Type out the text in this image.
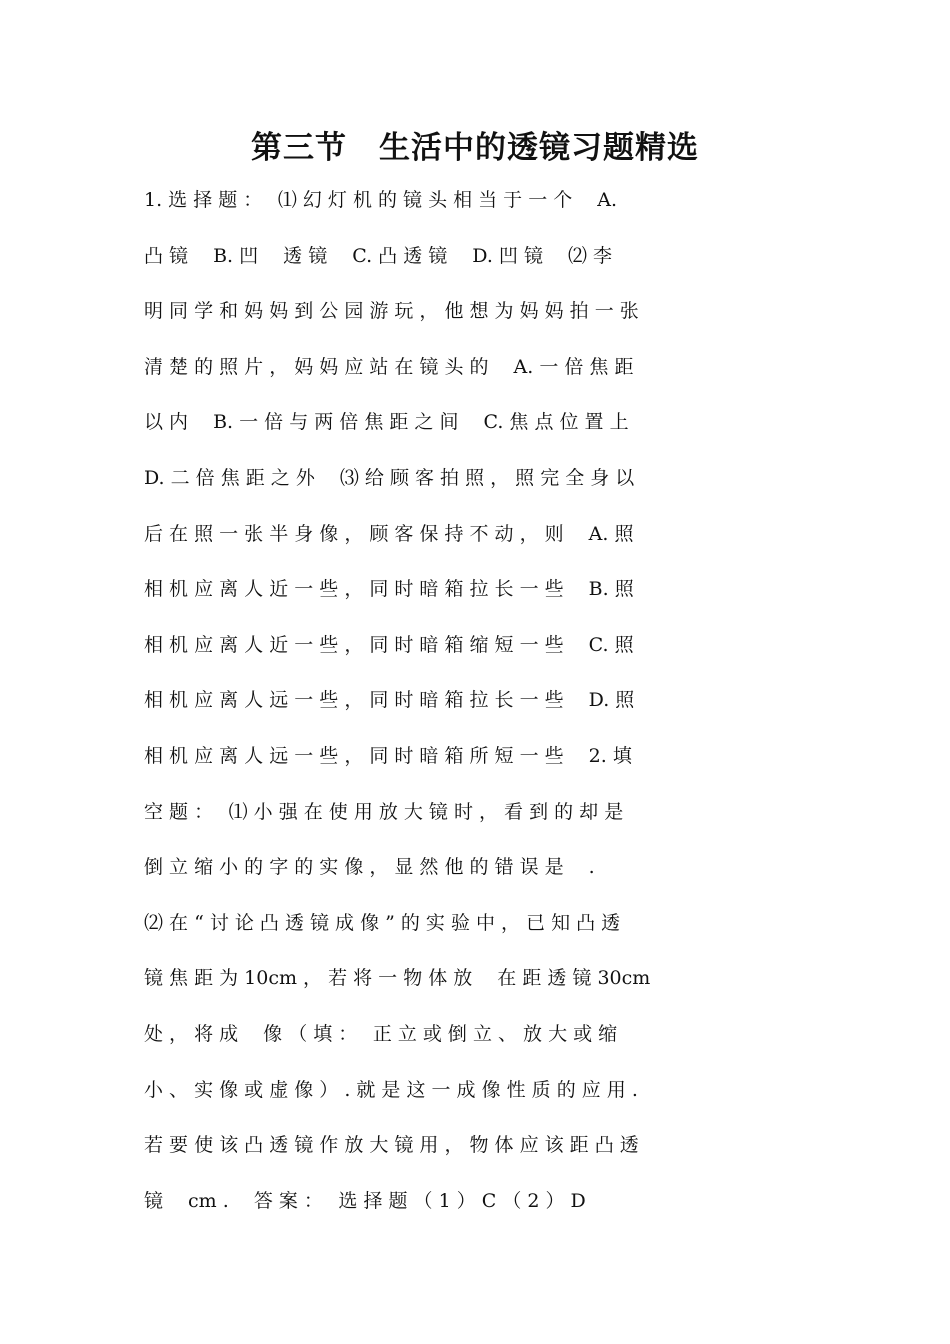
第三节　生活中的透镜习题精选
1. 选 择 题 ：　 ⑴ 幻 灯 机 的 镜 头 相 当 于 一 个　 A.
凸 镜　 B. 凹　 透 镜　 C. 凸 透 镜　 D. 凹 镜　 ⑵ 李
明 同 学 和 妈 妈 到 公 园 游 玩 ， 他 想 为 妈 妈 拍 一 张
清 楚 的 照 片 ， 妈 妈 应 站 在 镜 头 的　 A. 一 倍 焦 距
以 内　 B. 一 倍 与 两 倍 焦 距 之 间　 C. 焦 点 位 置 上
D. 二 倍 焦 距 之 外　 ⑶ 给 顾 客 拍 照 ， 照 完 全 身 以
后 在 照 一 张 半 身 像 ， 顾 客 保 持 不 动 ， 则　 A. 照
相 机 应 离 人 近 一 些 ， 同 时 暗 箱 拉 长 一 些　 B. 照
相 机 应 离 人 近 一 些 ， 同 时 暗 箱 缩 短 一 些　 C. 照
相 机 应 离 人 远 一 些 ， 同 时 暗 箱 拉 长 一 些　 D. 照
相 机 应 离 人 远 一 些 ， 同 时 暗 箱 所 短 一 些　 2. 填
空 题 ：　 ⑴ 小 强 在 使 用 放 大 镜 时 ， 看 到 的 却 是
倒 立 缩 小 的 字 的 实 像 ， 显 然 他 的 错 误 是　 .
⑵ 在 “ 讨 论 凸 透 镜 成 像 ” 的 实 验 中 ， 已 知 凸 透
镜 焦 距 为 10cm ， 若 将 一 物 体 放　 在 距 透 镜 30cm
处 ， 将 成　 像 （ 填 ：　 正 立 或 倒 立 、 放 大 或 缩
小 、 实 像 或 虚 像 ） . 就 是 这 一 成 像 性 质 的 应 用 .
若 要 使 该 凸 透 镜 作 放 大 镜 用 ， 物 体 应 该 距 凸 透
镜　 cm .　 答 案 ：　 选 择 题 （ 1 ） C （ 2 ） D
